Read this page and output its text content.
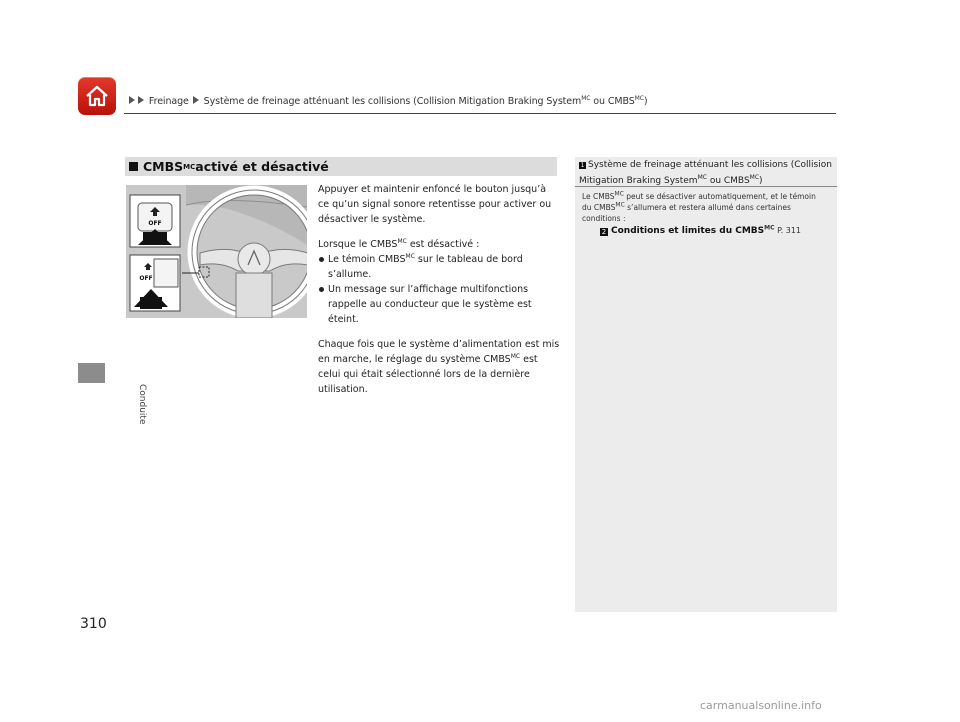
Freinage Système de freinage atténuant les collisions (Collision Mitigation Braking System$^{MC}$ ou $CMBS^{MC}$)
Conduite
310
CMBS MC activé et désactivé
OFF
OFF

Appuyer et maintenir enfoncé le bouton jusqu’à ce qu’un signal sonore retentisse pour activer ou désactiver le système.

Lorsque le $CMBS^{MC}$ est désactivé :

Le témoin $CMBS^{MC}$ sur le tableau de bord s’allume.
Un message sur l’affichage multifonctions rappelle au conducteur que le système est éteint.

Chaque fois que le système d’alimentation est mis en marche, le réglage du système $CMBS^{MC}$ est celui qui était sélectionné lors de la dernière utilisation.

1 Système de freinage atténuant les collisions (Collision Mitigation Braking System$^{MC}$ ou $CMBS^{MC}$)
Le $CMBS^{MC}$ peut se désactiver automatiquement, et le témoin du $CMBS^{MC}$ s’allumera et restera allumé dans certaines conditions :
2 Conditions et limites du $CMBS^{MC}$ P. 311
carmanualsonline.info
